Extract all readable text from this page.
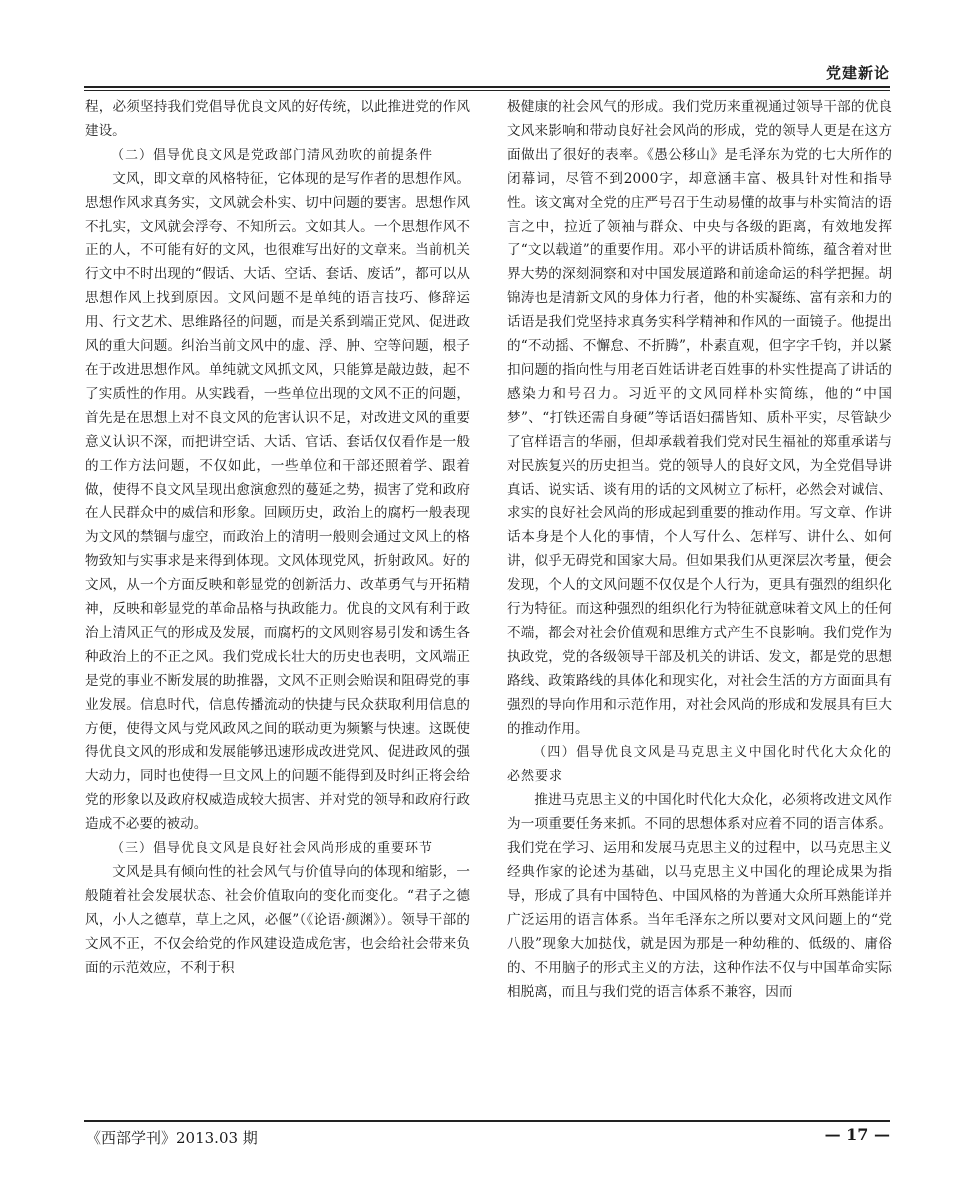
党建新论

程，必须坚持我们党倡导优良文风的好传统，以此推进党的作风建设。

（二）倡导优良文风是党政部门清风劲吹的前提条件

文风，即文章的风格特征，它体现的是写作者的思想作风。思想作风求真务实，文风就会朴实、切中问题的要害。思想作风不扎实，文风就会浮夸、不知所云。文如其人。一个思想作风不正的人，不可能有好的文风，也很难写出好的文章来。当前机关行文中不时出现的“假话、大话、空话、套话、废话”，都可以从思想作风上找到原因。文风问题不是单纯的语言技巧、修辞运用、行文艺术、思维路径的问题，而是关系到端正党风、促进政风的重大问题。纠治当前文风中的虚、浮、肿、空等问题，根子在于改进思想作风。单纯就文风抓文风，只能算是敲边鼓，起不了实质性的作用。从实践看，一些单位出现的文风不正的问题，首先是在思想上对不良文风的危害认识不足，对改进文风的重要意义认识不深，而把讲空话、大话、官话、套话仅仅看作是一般的工作方法问题，不仅如此，一些单位和干部还照着学、跟着做，使得不良文风呈现出愈演愈烈的蔓延之势，损害了党和政府在人民群众中的威信和形象。回顾历史，政治上的腐朽一般表现为文风的禁锢与虚空，而政治上的清明一般则会通过文风上的格物致知与实事求是来得到体现。文风体现党风，折射政风。好的文风，从一个方面反映和彰显党的创新活力、改革勇气与开拓精神，反映和彰显党的革命品格与执政能力。优良的文风有利于政治上清风正气的形成及发展，而腐朽的文风则容易引发和诱生各种政治上的不正之风。我们党成长壮大的历史也表明，文风端正是党的事业不断发展的助推器，文风不正则会贻误和阻碍党的事业发展。信息时代，信息传播流动的快捷与民众获取利用信息的方便，使得文风与党风政风之间的联动更为频繁与快速。这既使得优良文风的形成和发展能够迅速形成改进党风、促进政风的强大动力，同时也使得一旦文风上的问题不能得到及时纠正将会给党的形象以及政府权威造成较大损害、并对党的领导和政府行政造成不必要的被动。

（三）倡导优良文风是良好社会风尚形成的重要环节

文风是具有倾向性的社会风气与价值导向的体现和缩影，一般随着社会发展状态、社会价值取向的变化而变化。“君子之德风，小人之德草，草上之风，必偃”（《论语·颜渊》）。领导干部的文风不正，不仅会给党的作风建设造成危害，也会给社会带来负面的示范效应，不利于积

极健康的社会风气的形成。我们党历来重视通过领导干部的优良文风来影响和带动良好社会风尚的形成，党的领导人更是在这方面做出了很好的表率。《愚公移山》是毛泽东为党的七大所作的闭幕词，尽管不到2000字，却意涵丰富、极具针对性和指导性。该文寓对全党的庄严号召于生动易懂的故事与朴实简洁的语言之中，拉近了领袖与群众、中央与各级的距离，有效地发挥了“文以载道”的重要作用。邓小平的讲话质朴简练，蕴含着对世界大势的深刻洞察和对中国发展道路和前途命运的科学把握。胡锦涛也是清新文风的身体力行者，他的朴实凝练、富有亲和力的话语是我们党坚持求真务实科学精神和作风的一面镜子。他提出的“不动摇、不懈怠、不折腾”，朴素直观，但字字千钧，并以紧扣问题的指向性与用老百姓话讲老百姓事的朴实性提高了讲话的感染力和号召力。习近平的文风同样朴实简练，他的“中国梦”、“打铁还需自身硬”等话语妇孺皆知、质朴平实，尽管缺少了官样语言的华丽，但却承载着我们党对民生福祉的郑重承诺与对民族复兴的历史担当。党的领导人的良好文风，为全党倡导讲真话、说实话、谈有用的话的文风树立了标杆，必然会对诚信、求实的良好社会风尚的形成起到重要的推动作用。写文章、作讲话本身是个人化的事情，个人写什么、怎样写、讲什么、如何讲，似乎无碍党和国家大局。但如果我们从更深层次考量，便会发现，个人的文风问题不仅仅是个人行为，更具有强烈的组织化行为特征。而这种强烈的组织化行为特征就意味着文风上的任何不端，都会对社会价值观和思维方式产生不良影响。我们党作为执政党，党的各级领导干部及机关的讲话、发文，都是党的思想路线、政策路线的具体化和现实化，对社会生活的方方面面具有强烈的导向作用和示范作用，对社会风尚的形成和发展具有巨大的推动作用。

（四）倡导优良文风是马克思主义中国化时代化大众化的必然要求

推进马克思主义的中国化时代化大众化，必须将改进文风作为一项重要任务来抓。不同的思想体系对应着不同的语言体系。我们党在学习、运用和发展马克思主义的过程中，以马克思主义经典作家的论述为基础，以马克思主义中国化的理论成果为指导，形成了具有中国特色、中国风格的为普通大众所耳熟能详并广泛运用的语言体系。当年毛泽东之所以要对文风问题上的“党八股”现象大加挞伐，就是因为那是一种幼稚的、低级的、庸俗的、不用脑子的形式主义的方法，这种作法不仅与中国革命实际相脱离，而且与我们党的语言体系不兼容，因而

《西部学刊》2013.03 期	— 17 —
